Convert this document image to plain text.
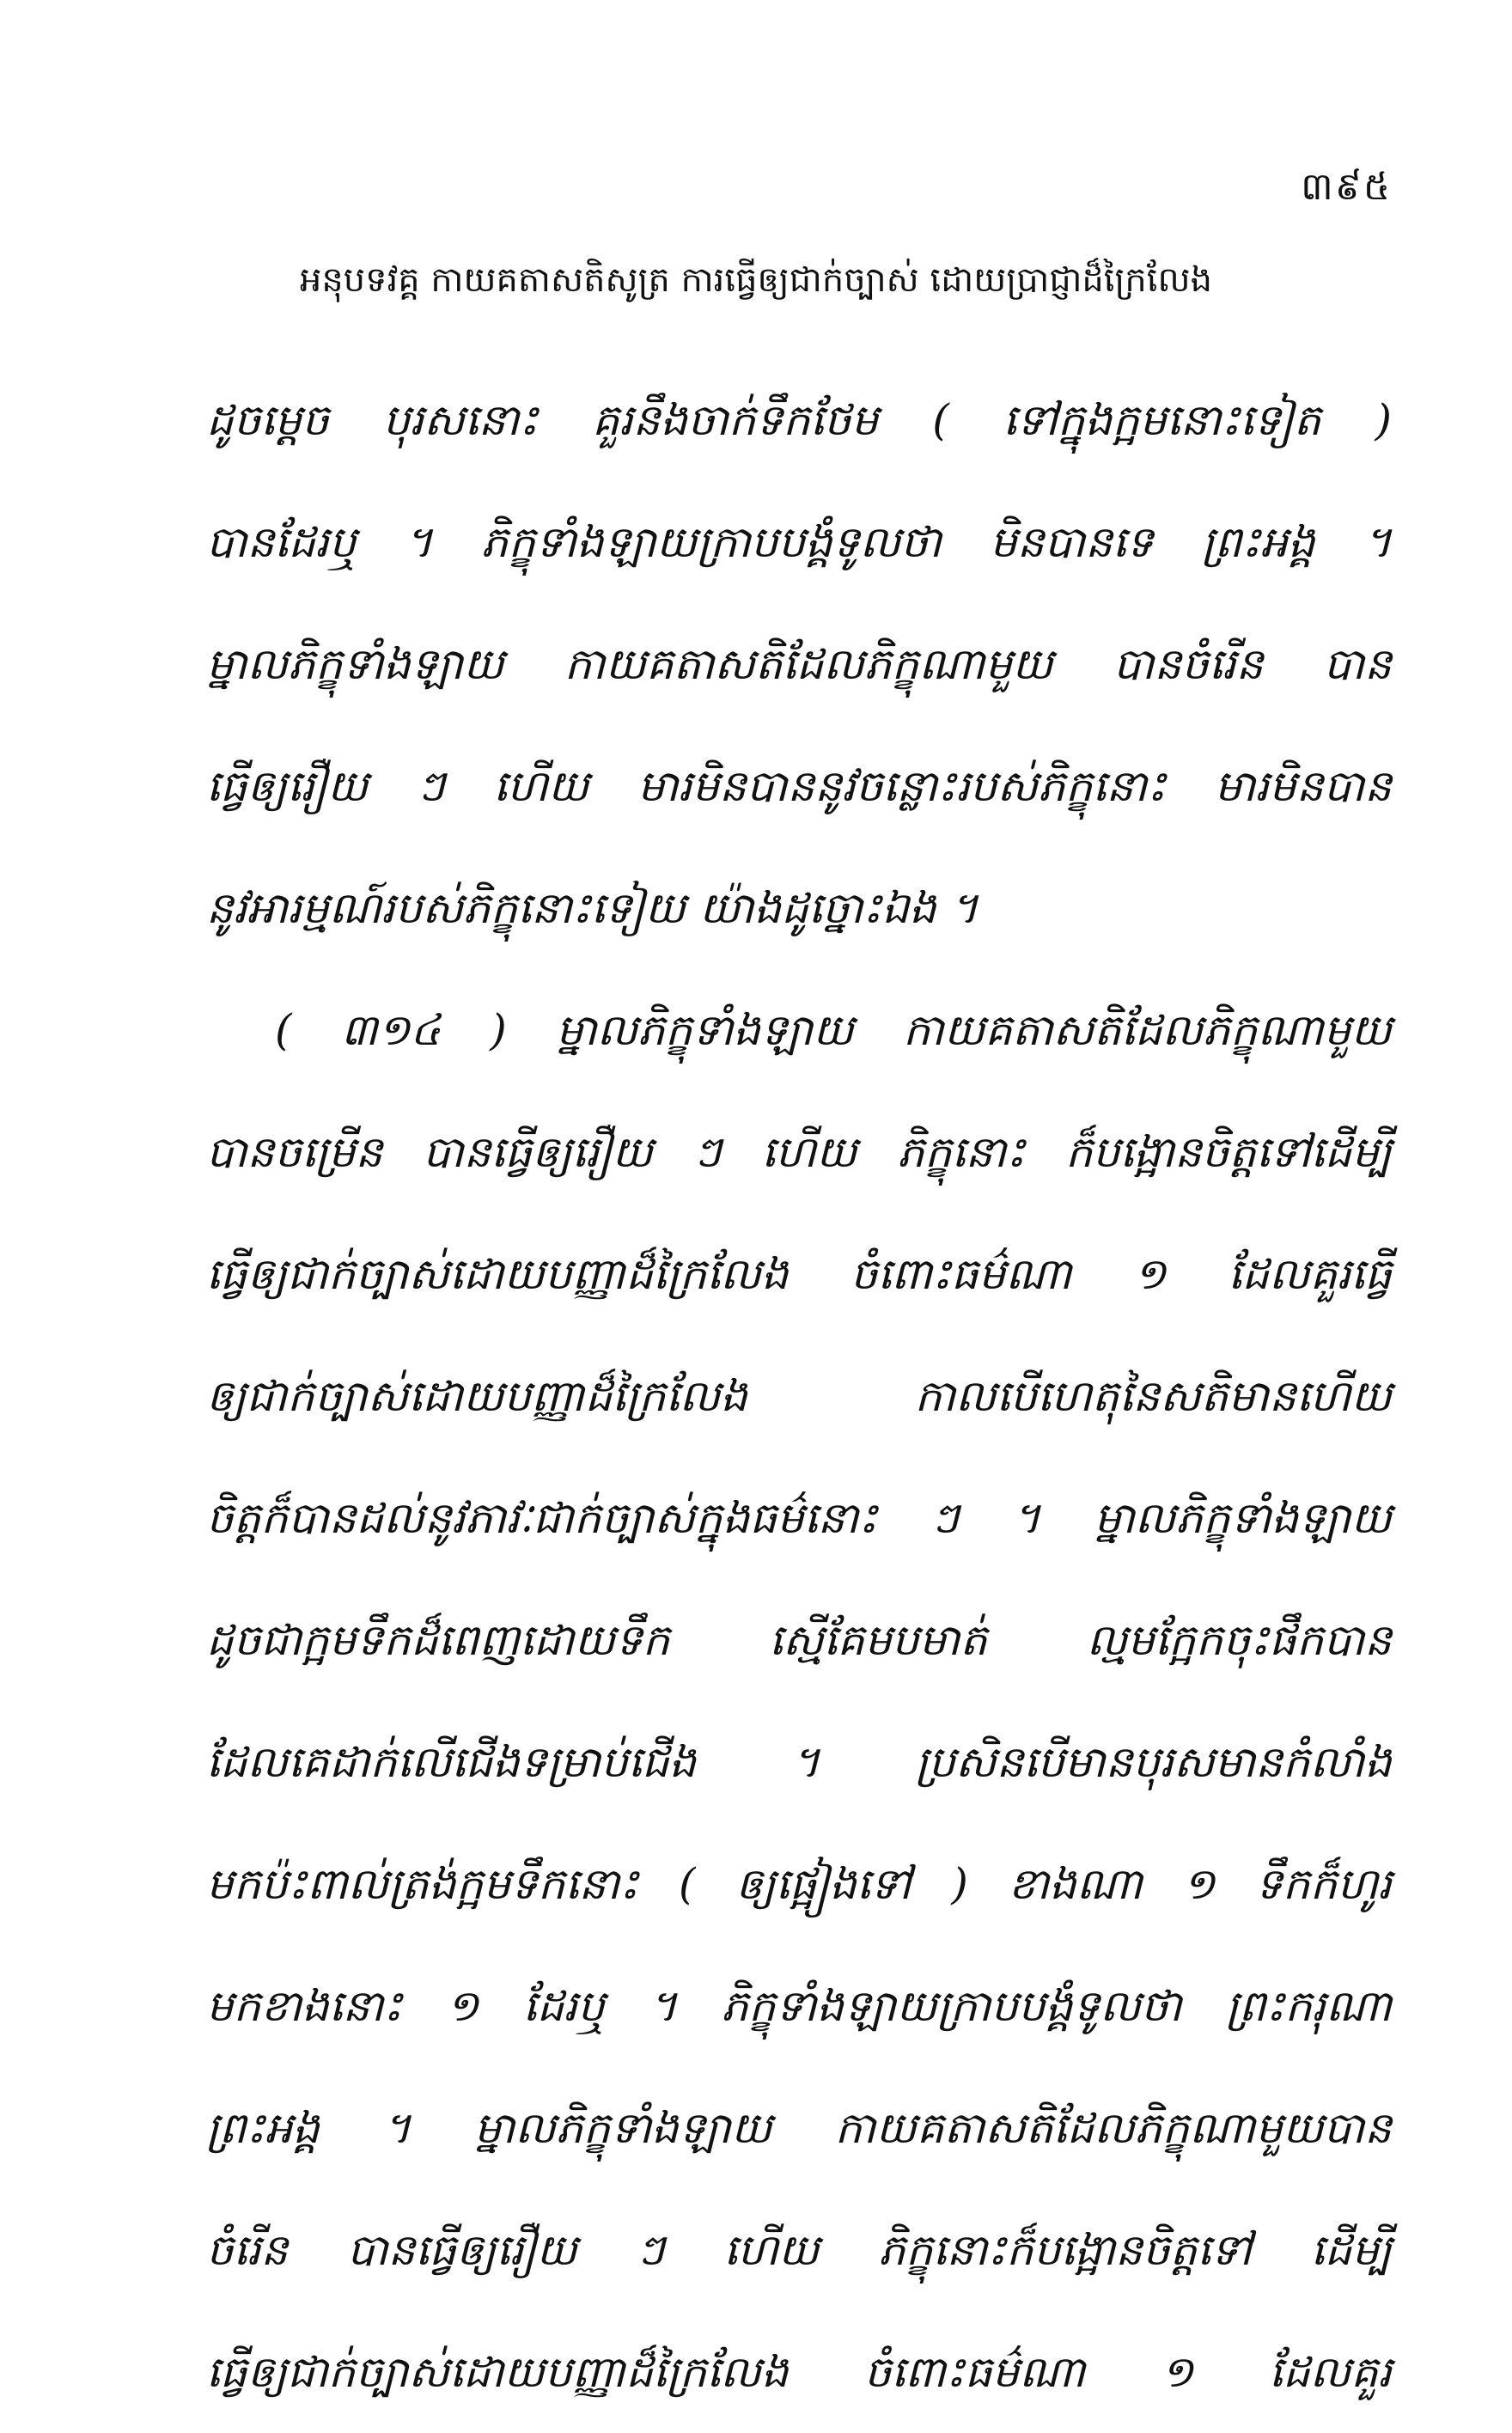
៣៩៥
អនុបទវគ្គ កាយគតាសតិសូត្រ ការធ្វើឲ្យជាក់ច្បាស់ ដោយប្រាជ្ញាដ៏ក្រៃលែង
ដូចម្ដេច បុរសនោះ គួរនឹងចាក់ទឹកថែម ( ទៅក្នុងក្អមនោះទៀត )
បានដែរឬ ។ ភិក្ខុទាំងឡាយក្រាបបង្គំទូលថា មិនបានទេ ព្រះអង្គ ។
ម្នាលភិក្ខុទាំងឡាយ កាយគតាសតិដែលភិក្ខុណាមួយ បានចំរើន បាន
ធ្វើឲ្យរឿយ ៗ ហើយ មារមិនបាននូវចន្លោះរបស់ភិក្ខុនោះ មារមិនបាន
នូវអារម្មណ៍របស់ភិក្ខុនោះទៀយ យ៉ាងដូច្នោះឯង ។
( ៣១៤ ) ម្នាលភិក្ខុទាំងឡាយ កាយគតាសតិដែលភិក្ខុណាមួយ
បានចម្រើន បានធ្វើឲ្យរឿយ ៗ ហើយ ភិក្ខុនោះ ក៏បង្អោនចិត្តទៅដើម្បី
ធ្វើឲ្យជាក់ច្បាស់ដោយបញ្ញាដ៏ក្រៃលែង ចំពោះធម៌ណា ១ ដែលគួរធ្វើ
ឲ្យជាក់ច្បាស់ដោយបញ្ញាដ៏ក្រៃលែង កាលបើហេតុនៃសតិមានហើយ
ចិត្តក៏បានដល់នូវភាវៈជាក់ច្បាស់ក្នុងធម៌នោះ ៗ ។ ម្នាលភិក្ខុទាំងឡាយ
ដូចជាក្អមទឹកដ៏ពេញដោយទឹក ស្មើគែមបមាត់ ល្មមក្អែកចុះផឹកបាន
ដែលគេដាក់លើជើងទម្រាប់ជើង ។ ប្រសិនបើមានបុរសមានកំលាំង
មកប៉ះពាល់ត្រង់ក្អមទឹកនោះ ( ឲ្យផ្អៀងទៅ ) ខាងណា ១ ទឹកក៏ហូរ
មកខាងនោះ ១ ដែរឬ ។ ភិក្ខុទាំងឡាយក្រាបបង្គំទូលថា ព្រះករុណា
ព្រះអង្គ ។ ម្នាលភិក្ខុទាំងឡាយ កាយគតាសតិដែលភិក្ខុណាមួយបាន
ចំរើន បានធ្វើឲ្យរឿយ ៗ ហើយ ភិក្ខុនោះក៏បង្អោនចិត្តទៅ ដើម្បី
ធ្វើឲ្យជាក់ច្បាស់ដោយបញ្ញាដ៏ក្រៃលែង ចំពោះធម៌ណា ១ ដែលគួរ
